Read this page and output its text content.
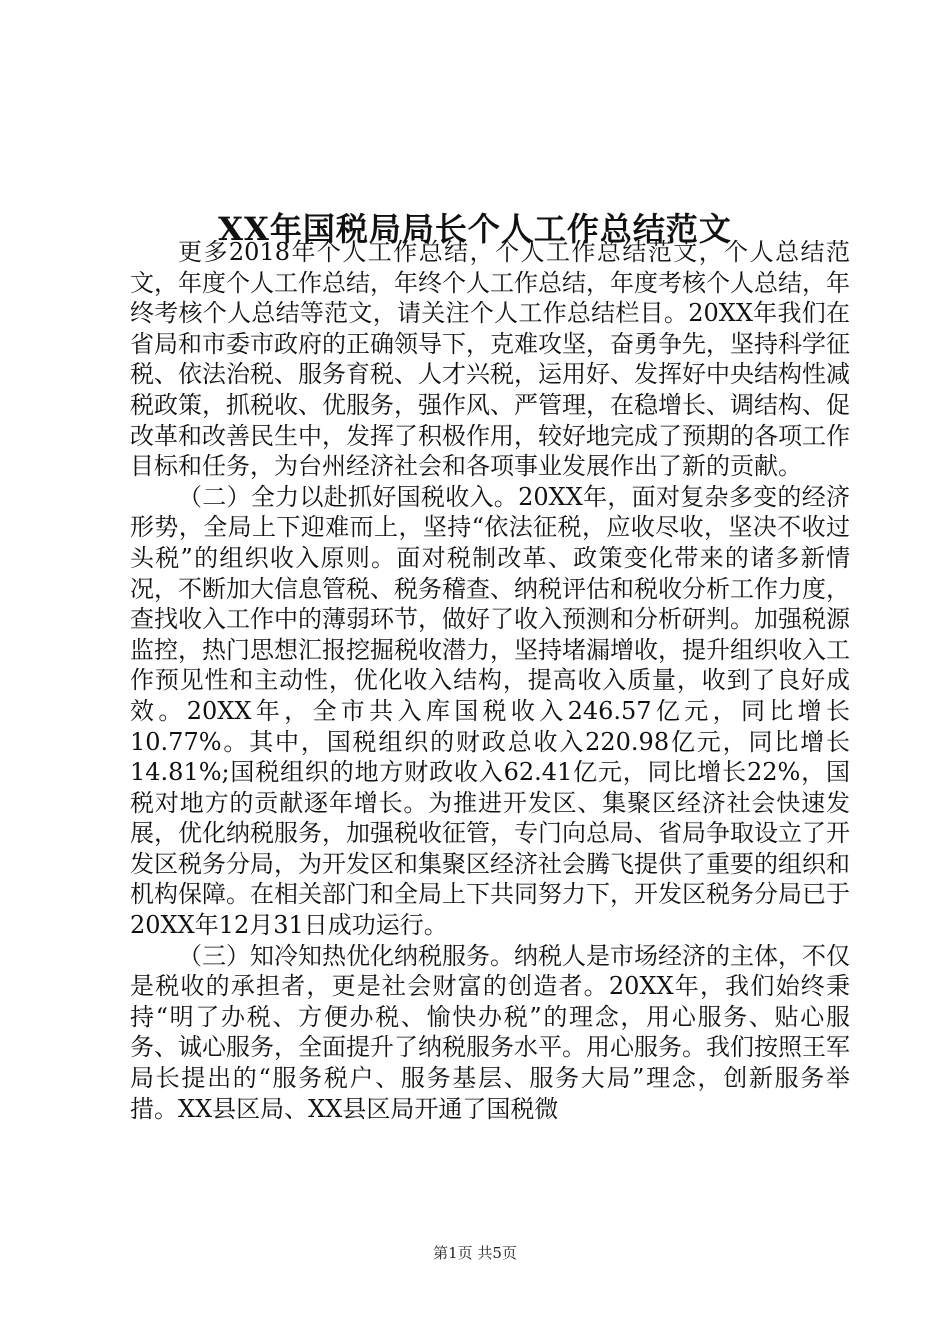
XX年国税局局长个人工作总结范文

更多2018年个人工作总结，个人工作总结范文，个人总结范文，年度个人工作总结，年终个人工作总结，年度考核个人总结，年终考核个人总结等范文，请关注个人工作总结栏目。20XX年我们在省局和市委市政府的正确领导下，克难攻坚，奋勇争先，坚持科学征税、依法治税、服务育税、人才兴税，运用好、发挥好中央结构性减税政策，抓税收、优服务，强作风、严管理，在稳增长、调结构、促改革和改善民生中，发挥了积极作用，较好地完成了预期的各项工作目标和任务，为台州经济社会和各项事业发展作出了新的贡献。

（二）全力以赴抓好国税收入。20XX年，面对复杂多变的经济形势，全局上下迎难而上，坚持“依法征税，应收尽收，坚决不收过头税”的组织收入原则。面对税制改革、政策变化带来的诸多新情况，不断加大信息管税、税务稽查、纳税评估和税收分析工作力度，查找收入工作中的薄弱环节，做好了收入预测和分析研判。加强税源监控，热门思想汇报挖掘税收潜力，坚持堵漏增收，提升组织收入工作预见性和主动性，优化收入结构，提高收入质量，收到了良好成效。20XX年，全市共入库国税收入246.57亿元，同比增长10.77%。其中，国税组织的财政总收入220.98亿元，同比增长14.81%;国税组织的地方财政收入62.41亿元，同比增长22%，国税对地方的贡献逐年增长。为推进开发区、集聚区经济社会快速发展，优化纳税服务，加强税收征管，专门向总局、省局争取设立了开发区税务分局，为开发区和集聚区经济社会腾飞提供了重要的组织和机构保障。在相关部门和全局上下共同努力下，开发区税务分局已于20XX年12月31日成功运行。

（三）知冷知热优化纳税服务。纳税人是市场经济的主体，不仅是税收的承担者，更是社会财富的创造者。20XX年，我们始终秉持“明了办税、方便办税、愉快办税”的理念，用心服务、贴心服务、诚心服务，全面提升了纳税服务水平。用心服务。我们按照王军局长提出的“服务税户、服务基层、服务大局”理念，创新服务举措。XX县区局、XX县区局开通了国税微

第1页 共5页
